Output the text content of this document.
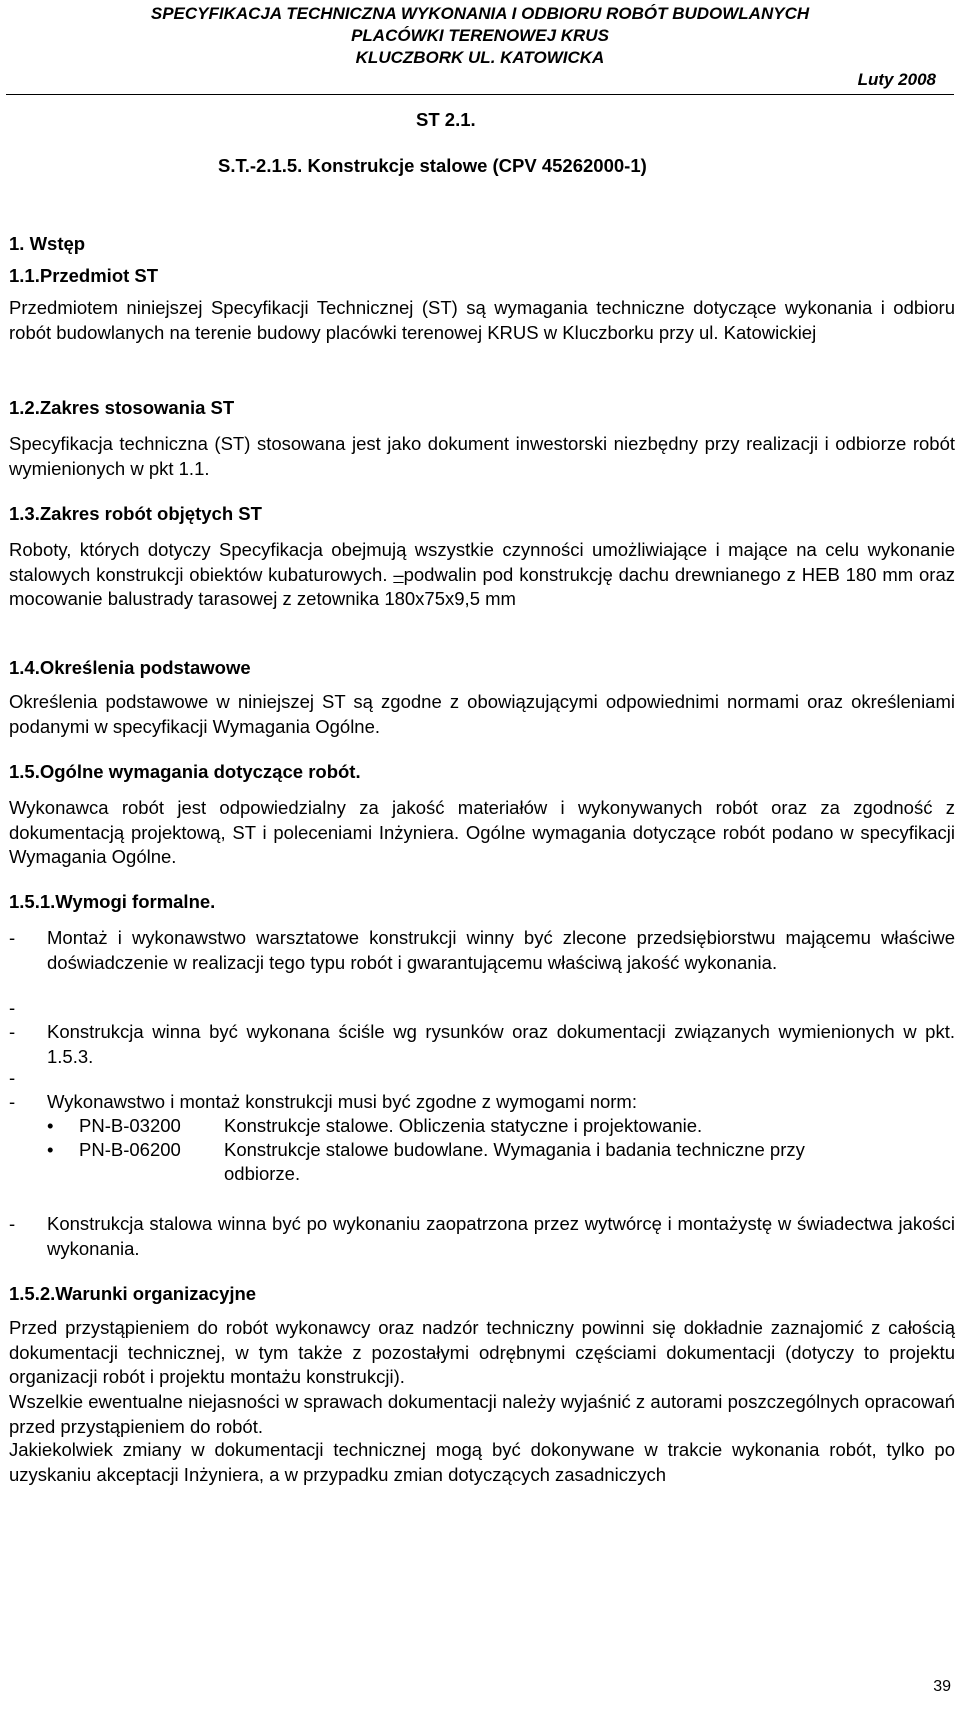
SPECYFIKACJA TECHNICZNA WYKONANIA I ODBIORU ROBÓT BUDOWLANYCH
PLACÓWKI TERENOWEJ KRUS
KLUCZBORK UL. KATOWICKA
Luty 2008
ST 2.1.
S.T.-2.1.5. Konstrukcje stalowe (CPV 45262000-1)
1. Wstęp
1.1.Przedmiot ST
Przedmiotem niniejszej Specyfikacji Technicznej (ST) są wymagania techniczne dotyczące wykonania i odbioru robót budowlanych na terenie budowy placówki terenowej KRUS w Kluczborku przy ul. Katowickiej
1.2.Zakres stosowania ST
Specyfikacja techniczna (ST) stosowana jest jako dokument inwestorski niezbędny przy realizacji i odbiorze robót wymienionych w pkt 1.1.
1.3.Zakres robót objętych ST
Roboty, których dotyczy Specyfikacja obejmują wszystkie czynności umożliwiające i mające na celu wykonanie stalowych konstrukcji obiektów kubaturowych. –podwalin pod konstrukcję dachu drewnianego z HEB 180 mm oraz mocowanie balustrady tarasowej z zetownika 180x75x9,5 mm
1.4.Określenia podstawowe
Określenia podstawowe w niniejszej ST są zgodne z obowiązującymi odpowiednimi normami oraz określeniami podanymi w specyfikacji Wymagania Ogólne.
1.5.Ogólne wymagania dotyczące robót.
Wykonawca robót jest odpowiedzialny za jakość materiałów i wykonywanych robót oraz za zgodność z dokumentacją projektową, ST i poleceniami Inżyniera. Ogólne wymagania dotyczące robót podano w specyfikacji Wymagania Ogólne.
1.5.1.Wymogi formalne.
- Montaż i wykonawstwo warsztatowe konstrukcji winny być zlecone przedsiębiorstwu mającemu właściwe doświadczenie w realizacji tego typu robót i gwarantującemu właściwą jakość wykonania.
-
- Konstrukcja winna być wykonana ściśle wg rysunków oraz dokumentacji związanych wymienionych w pkt. 1.5.3.
-
- Wykonawstwo i montaż konstrukcji musi być zgodne z wymogami norm:
• PN-B-03200 Konstrukcje stalowe. Obliczenia statyczne i projektowanie.
• PN-B-06200 Konstrukcje stalowe budowlane. Wymagania i badania techniczne przy
odbiorze.
- Konstrukcja stalowa winna być po wykonaniu zaopatrzona przez wytwórcę i montażystę w świadectwa jakości wykonania.
1.5.2.Warunki organizacyjne
Przed przystąpieniem do robót wykonawcy oraz nadzór techniczny powinni się dokładnie zaznajomić z całością dokumentacji technicznej, w tym także z pozostałymi odrębnymi częściami dokumentacji (dotyczy to projektu organizacji robót i projektu montażu konstrukcji).
Wszelkie ewentualne niejasności w sprawach dokumentacji należy wyjaśnić z autorami poszczególnych opracowań przed przystąpieniem do robót.
Jakiekolwiek zmiany w dokumentacji technicznej mogą być dokonywane w trakcie wykonania robót, tylko po uzyskaniu akceptacji Inżyniera, a w przypadku zmian dotyczących zasadniczych
39
